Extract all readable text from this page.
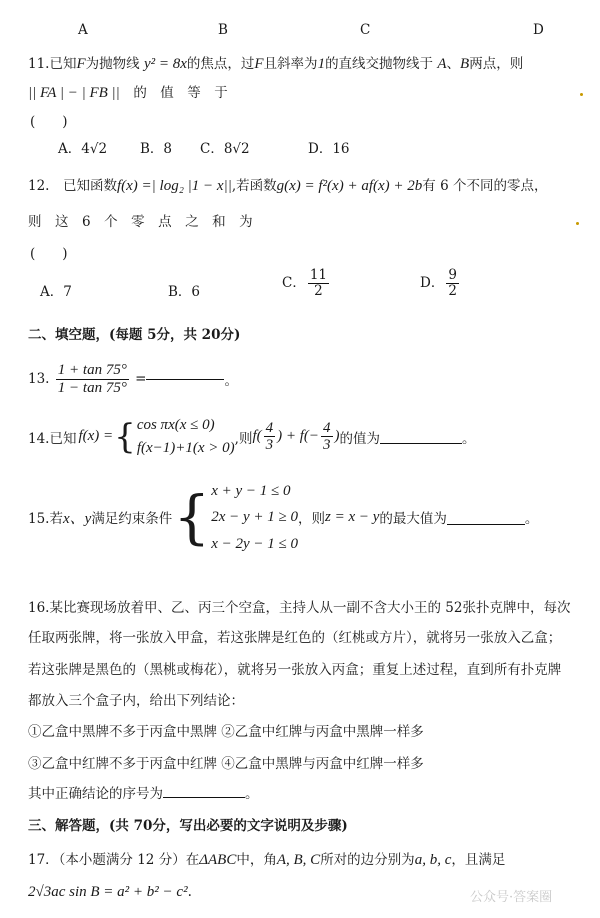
A	B	C	D
11.已知F为抛物线 y² = 8x的焦点，过F且斜率为1的直线交抛物线于 A、B两点，则
|| FA | − | FB ||　 的　值　等　于
(　　)
A．4√2 B．8 C．8√2	D．16
12.　已知函数f(x) =| log₂ |1 − x||,若函数g(x) = f²(x) + af(x) + 2b有 6 个不同的零点，
则　这　6　个　零　点　之　和　为
(　　)
A．7	B．6
C． $\frac{11}{2}$	D． $\frac{9}{2}$
二、填空题，(每题 5分，共 20分)
13. $\frac{1 + \tan 75^\circ}{1 - \tan 75^\circ}$ =	。
14.已知 f(x) = { cos πx(x ≤ 0)
f(x−1)+1(x > 0)
,则 $f( \frac{4}{3}$ ) + $f(- \frac{4}{3}$ ) 的值为	。
15.若 x、y 满足约束条件 { x + y − 1 ≤ 0
2x − y + 1 ≥ 0
x − 2y − 1 ≤ 0
，则 z = x − y 的最大值为	。
16.某比赛现场放着甲、乙、丙三个空盒，主持人从一副不含大小王的 52张扑克牌中，每次
任取两张牌，将一张放入甲盒，若这张牌是红色的（红桃或方片），就将另一张放入乙盒；
若这张牌是黑色的（黑桃或梅花），就将另一张放入丙盒；重复上述过程，直到所有扑克牌
都放入三个盒子内，给出下列结论：
①乙盒中黑牌不多于丙盒中黑牌 ②乙盒中红牌与丙盒中黑牌一样多
③乙盒中红牌不多于丙盒中红牌 ④乙盒中黑牌与丙盒中红牌一样多
其中正确结论的序号为	。
三、解答题，(共 70分，写出必要的文字说明及步骤)
17．（本小题满分 12 分）在ΔABC中，角A, B, C所对的边分别为a, b, c，且满足
2√3ac sin B = a² + b² − c².	公众号·答案圈
